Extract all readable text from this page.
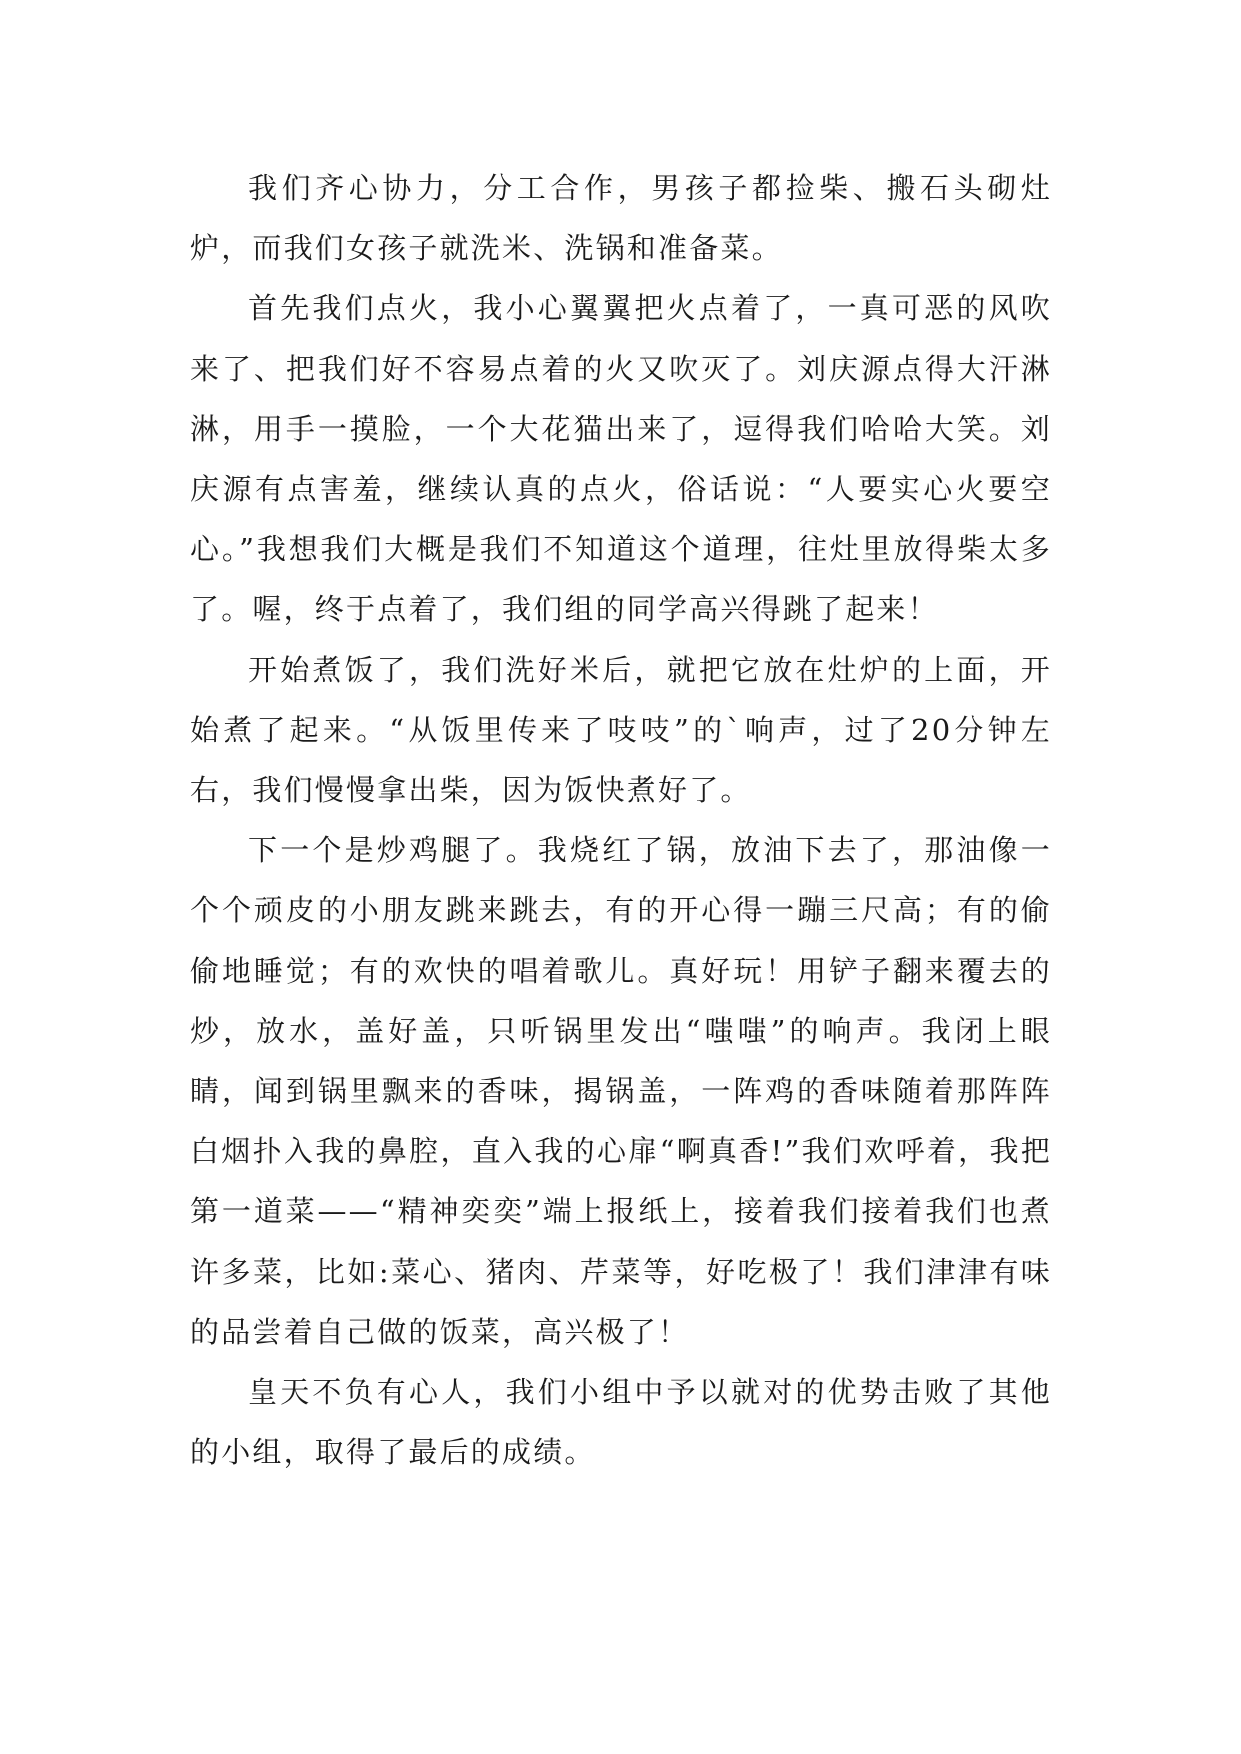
我们齐心协力，分工合作，男孩子都捡柴、搬石头砌灶炉，而我们女孩子就洗米、洗锅和准备菜。

首先我们点火，我小心翼翼把火点着了，一真可恶的风吹来了、把我们好不容易点着的火又吹灭了。刘庆源点得大汗淋淋，用手一摸脸，一个大花猫出来了，逗得我们哈哈大笑。刘庆源有点害羞，继续认真的点火，俗话说：“人要实心火要空心。”我想我们大概是我们不知道这个道理，往灶里放得柴太多了。喔，终于点着了，我们组的同学高兴得跳了起来！

开始煮饭了，我们洗好米后，就把它放在灶炉的上面，开始煮了起来。“从饭里传来了吱吱”的`响声，过了20分钟左右，我们慢慢拿出柴，因为饭快煮好了。

下一个是炒鸡腿了。我烧红了锅，放油下去了，那油像一个个顽皮的小朋友跳来跳去，有的开心得一蹦三尺高；有的偷偷地睡觉；有的欢快的唱着歌儿。真好玩！用铲子翻来覆去的炒，放水，盖好盖，只听锅里发出“嗤嗤”的响声。我闭上眼睛，闻到锅里飘来的香味，揭锅盖，一阵鸡的香味随着那阵阵白烟扑入我的鼻腔，直入我的心扉“啊真香!”我们欢呼着，我把第一道菜——“精神奕奕”端上报纸上，接着我们接着我们也煮许多菜，比如:菜心、猪肉、芹菜等，好吃极了！我们津津有味的品尝着自己做的饭菜，高兴极了！

皇天不负有心人，我们小组中予以就对的优势击败了其他的小组，取得了最后的成绩。
